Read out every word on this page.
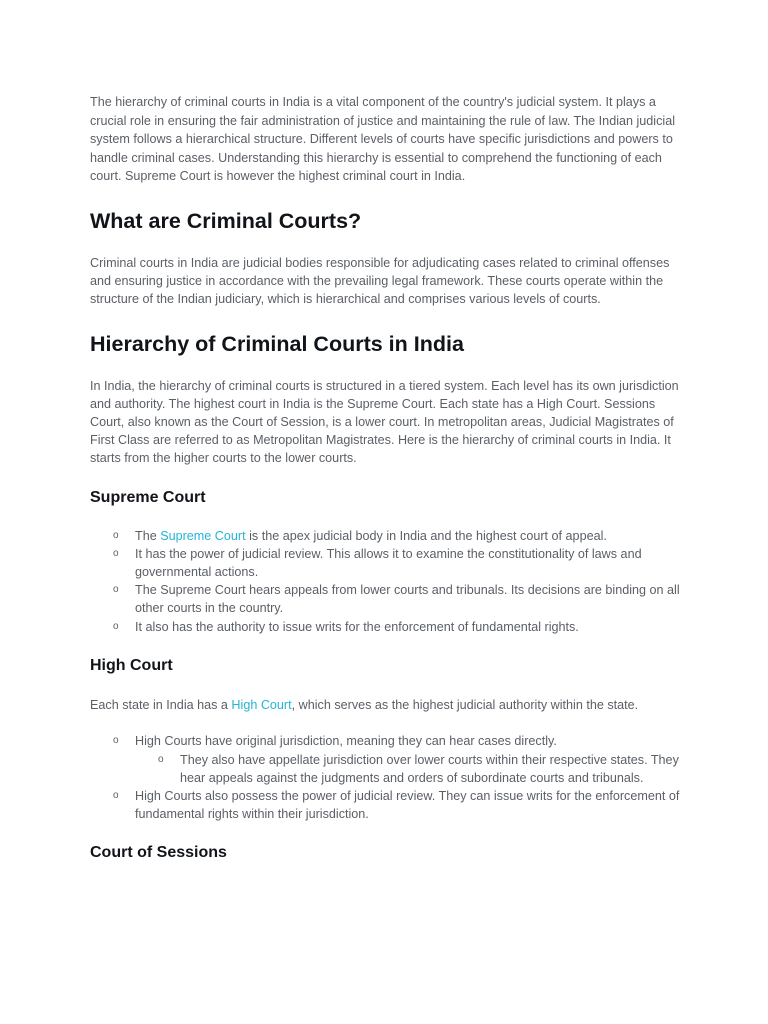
The hierarchy of criminal courts in India is a vital component of the country's judicial system. It plays a crucial role in ensuring the fair administration of justice and maintaining the rule of law. The Indian judicial system follows a hierarchical structure. Different levels of courts have specific jurisdictions and powers to handle criminal cases. Understanding this hierarchy is essential to comprehend the functioning of each court. Supreme Court is however the highest criminal court in India.

What are Criminal Courts?

Criminal courts in India are judicial bodies responsible for adjudicating cases related to criminal offenses and ensuring justice in accordance with the prevailing legal framework. These courts operate within the structure of the Indian judiciary, which is hierarchical and comprises various levels of courts.

Hierarchy of Criminal Courts in India

In India, the hierarchy of criminal courts is structured in a tiered system. Each level has its own jurisdiction and authority. The highest court in India is the Supreme Court. Each state has a High Court. Sessions Court, also known as the Court of Session, is a lower court. In metropolitan areas, Judicial Magistrates of First Class are referred to as Metropolitan Magistrates. Here is the hierarchy of criminal courts in India. It starts from the higher courts to the lower courts.

Supreme Court
o The Supreme Court is the apex judicial body in India and the highest court of appeal.
o It has the power of judicial review. This allows it to examine the constitutionality of laws and governmental actions.
o The Supreme Court hears appeals from lower courts and tribunals. Its decisions are binding on all other courts in the country.
o It also has the authority to issue writs for the enforcement of fundamental rights.
High Court

Each state in India has a High Court, which serves as the highest judicial authority within the state.

o High Courts have original jurisdiction, meaning they can hear cases directly.
o They also have appellate jurisdiction over lower courts within their respective states. They hear appeals against the judgments and orders of subordinate courts and tribunals.
o High Courts also possess the power of judicial review. They can issue writs for the enforcement of fundamental rights within their jurisdiction.
Court of Sessions
